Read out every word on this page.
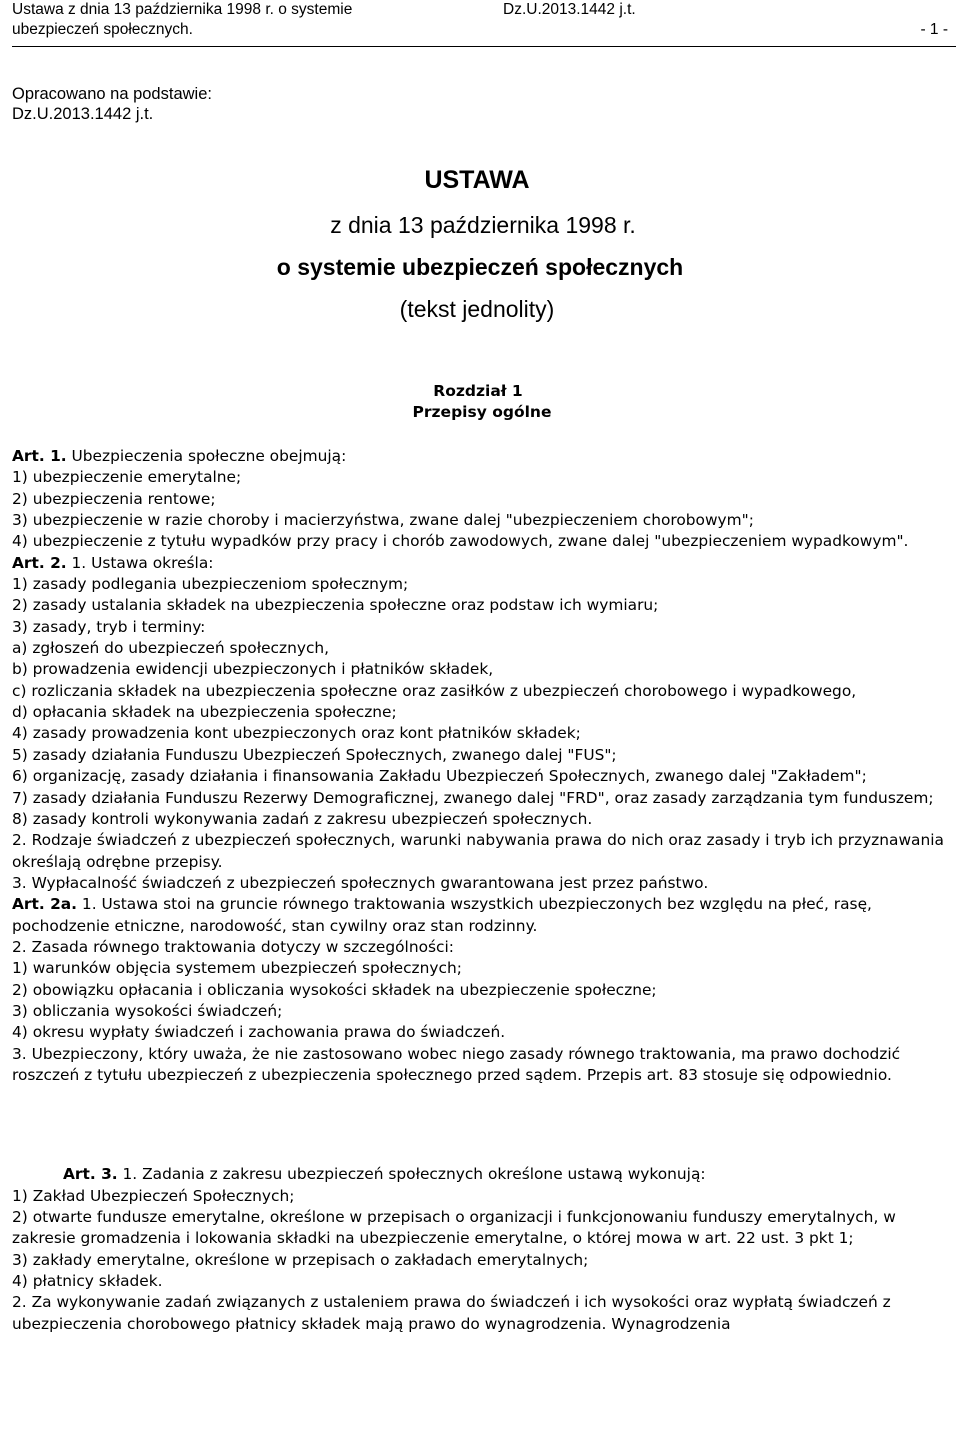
Ustawa z dnia 13 października 1998 r. o systemie
ubezpieczeń społecznych.
Dz.U.2013.1442 j.t.
- 1 -
Opracowano na podstawie:
Dz.U.2013.1442 j.t.
USTAWA
z dnia 13 października 1998 r.
o systemie ubezpieczeń społecznych
(tekst jednolity)
Rozdział 1
Przepisy ogólne

Art. 1. Ubezpieczenia społeczne obejmują:

1) ubezpieczenie emerytalne;

2) ubezpieczenia rentowe;

3) ubezpieczenie w razie choroby i macierzyństwa, zwane dalej "ubezpieczeniem chorobowym";

4) ubezpieczenie z tytułu wypadków przy pracy i chorób zawodowych, zwane dalej "ubezpieczeniem wypadkowym".

Art. 2. 1. Ustawa określa:

1) zasady podlegania ubezpieczeniom społecznym;

2) zasady ustalania składek na ubezpieczenia społeczne oraz podstaw ich wymiaru;

3) zasady, tryb i terminy:

a) zgłoszeń do ubezpieczeń społecznych,

b) prowadzenia ewidencji ubezpieczonych i płatników składek,

c) rozliczania składek na ubezpieczenia społeczne oraz zasiłków z ubezpieczeń chorobowego i wypadkowego,

d) opłacania składek na ubezpieczenia społeczne;

4) zasady prowadzenia kont ubezpieczonych oraz kont płatników składek;

5) zasady działania Funduszu Ubezpieczeń Społecznych, zwanego dalej "FUS";

6) organizację, zasady działania i finansowania Zakładu Ubezpieczeń Społecznych, zwanego dalej "Zakładem";

7) zasady działania Funduszu Rezerwy Demograficznej, zwanego dalej "FRD", oraz zasady zarządzania tym funduszem;

8) zasady kontroli wykonywania zadań z zakresu ubezpieczeń społecznych.

2. Rodzaje świadczeń z ubezpieczeń społecznych, warunki nabywania prawa do nich oraz zasady i tryb ich przyznawania określają odrębne przepisy.

3. Wypłacalność świadczeń z ubezpieczeń społecznych gwarantowana jest przez państwo.

Art. 2a. 1. Ustawa stoi na gruncie równego traktowania wszystkich ubezpieczonych bez względu na płeć, rasę, pochodzenie etniczne, narodowość, stan cywilny oraz stan rodzinny.

2. Zasada równego traktowania dotyczy w szczególności:

1) warunków objęcia systemem ubezpieczeń społecznych;

2) obowiązku opłacania i obliczania wysokości składek na ubezpieczenie społeczne;

3) obliczania wysokości świadczeń;

4) okresu wypłaty świadczeń i zachowania prawa do świadczeń.

3. Ubezpieczony, który uważa, że nie zastosowano wobec niego zasady równego traktowania, ma prawo dochodzić roszczeń z tytułu ubezpieczeń z ubezpieczenia społecznego przed sądem. Przepis art. 83 stosuje się odpowiednio.

Art. 3. 1. Zadania z zakresu ubezpieczeń społecznych określone ustawą wykonują:

1) Zakład Ubezpieczeń Społecznych;

2) otwarte fundusze emerytalne, określone w przepisach o organizacji i funkcjonowaniu funduszy emerytalnych, w zakresie gromadzenia i lokowania składki na ubezpieczenie emerytalne, o której mowa w art. 22 ust. 3 pkt 1;

3) zakłady emerytalne, określone w przepisach o zakładach emerytalnych;

4) płatnicy składek.

2. Za wykonywanie zadań związanych z ustaleniem prawa do świadczeń i ich wysokości oraz wypłatą świadczeń z ubezpieczenia chorobowego płatnicy składek mają prawo do wynagrodzenia. Wynagrodzenia
